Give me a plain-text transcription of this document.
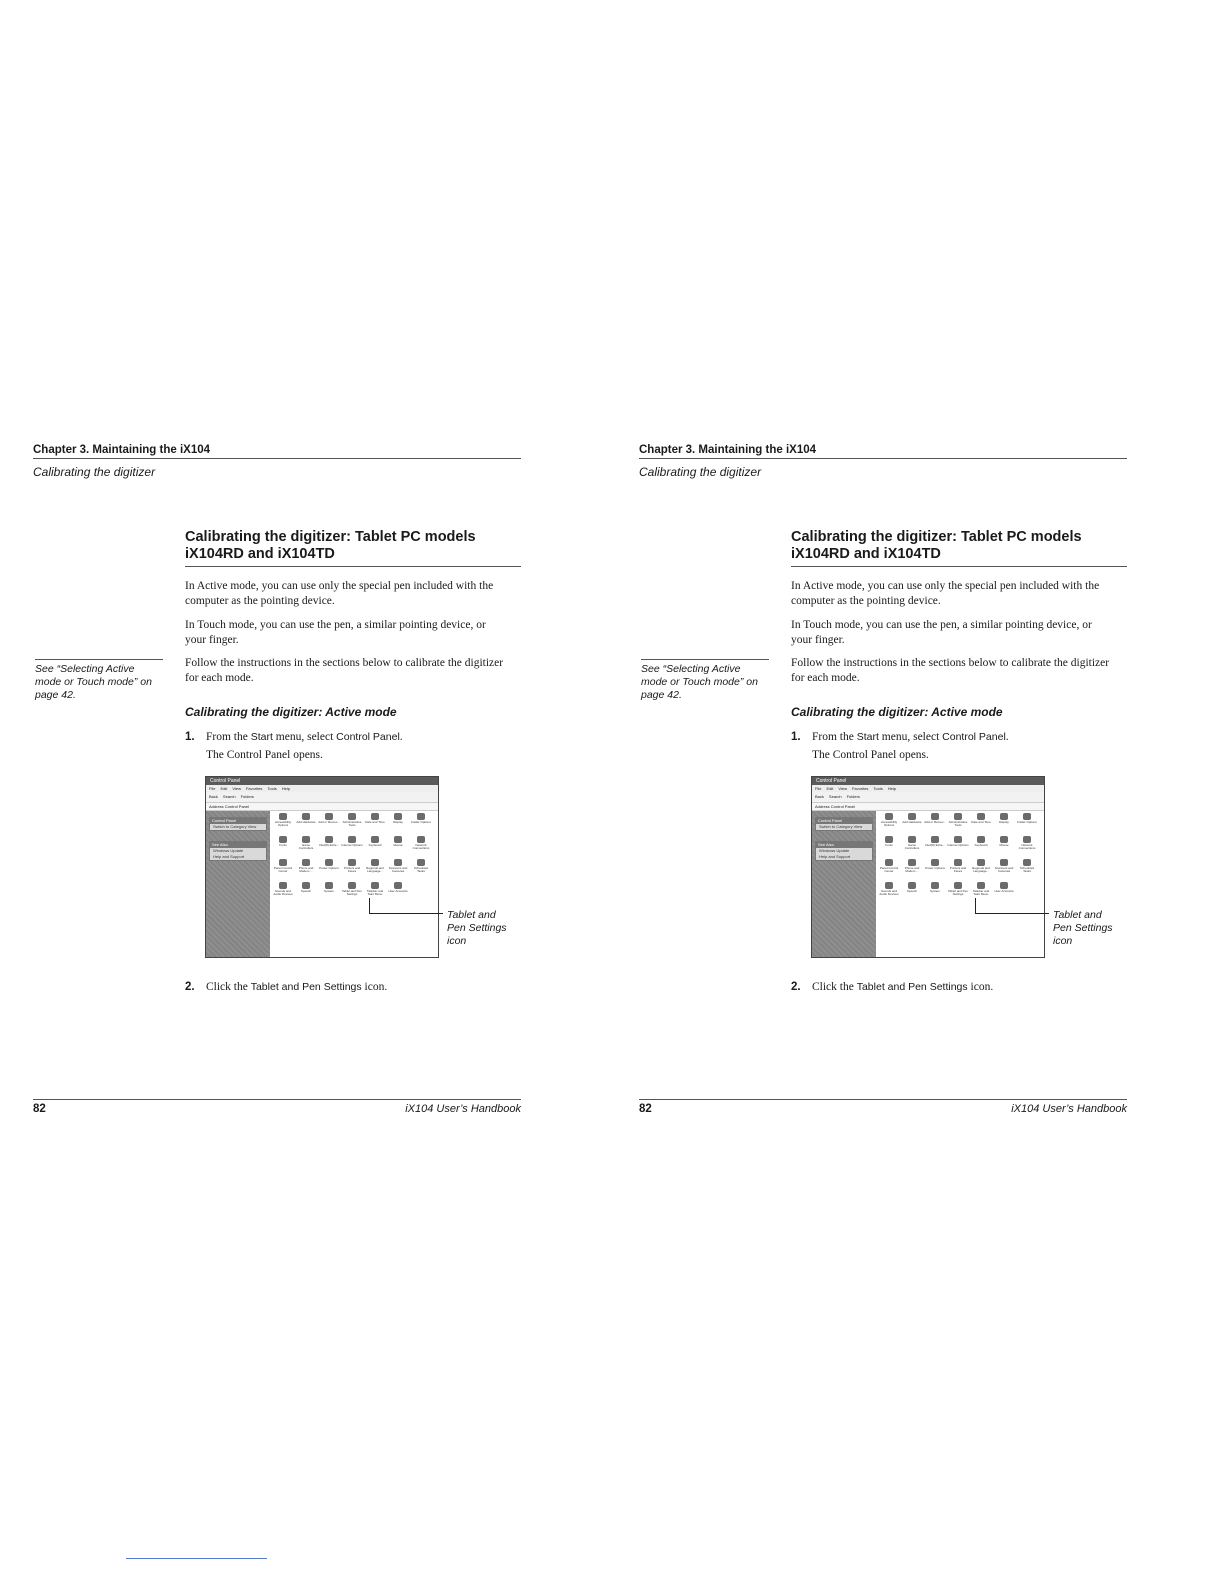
Chapter 3. Maintaining the iX104
Calibrating the digitizer
Calibrating the digitizer: Tablet PC models
iX104RD and iX104TD

In Active mode, you can use only the special pen included with the
computer as the pointing device.

In Touch mode, you can use the pen, a similar pointing device, or
your finger.

Follow the instructions in the sections below to calibrate the digitizer
for each mode.

See “Selecting Active
mode or Touch mode” on
page 42.
Calibrating the digitizer: Active mode
1. From the Start menu, select Control Panel.
The Control Panel opens.
Control Panel
File Edit View Favorites Tools Help
Back Search Folders
Address Control Panel
Control Panel
Switch to Category View
See Also
Windows Update
Help and Support
Accessibility Options
Add Hardware Add or Remov... Administrative Tools
Date and Time	Display	Folder Options
Fonts	Game Controllers
Intel(R) Extre... Internet Options	Keyboard	Mouse	Network Connections
Panel Control Center
Phone and Modem ...
Power Options	Printers and Faxes
Regional and Language...
Scanners and Cameras
Scheduled Tasks
Sounds and Audio Devices
Speech	System	Tablet and Pen Settings
Taskbar and Start Menu
User Accounts
Tablet and
Pen Settings
icon
2. Click the Tablet and Pen Settings icon.
82	iX104 User’s Handbook
Chapter 3. Maintaining the iX104
Calibrating the digitizer
Calibrating the digitizer: Tablet PC models
iX104RD and iX104TD

In Active mode, you can use only the special pen included with the
computer as the pointing device.

In Touch mode, you can use the pen, a similar pointing device, or
your finger.

Follow the instructions in the sections below to calibrate the digitizer
for each mode.

See “Selecting Active
mode or Touch mode” on
page 42.
Calibrating the digitizer: Active mode
1. From the Start menu, select Control Panel.
The Control Panel opens.
Control Panel
File Edit View Favorites Tools Help
Back Search Folders
Address Control Panel
Control Panel
Switch to Category View
See Also
Windows Update
Help and Support
Accessibility Options
Add Hardware Add or Remov... Administrative Tools
Date and Time	Display	Folder Options
Fonts	Game Controllers
Intel(R) Extre... Internet Options	Keyboard	Mouse	Network Connections
Panel Control Center
Phone and Modem ...
Power Options	Printers and Faxes
Regional and Language...
Scanners and Cameras
Scheduled Tasks
Sounds and Audio Devices
Speech	System	Tablet and Pen Settings
Taskbar and Start Menu
User Accounts
Tablet and
Pen Settings
icon
2. Click the Tablet and Pen Settings icon.
82	iX104 User’s Handbook
